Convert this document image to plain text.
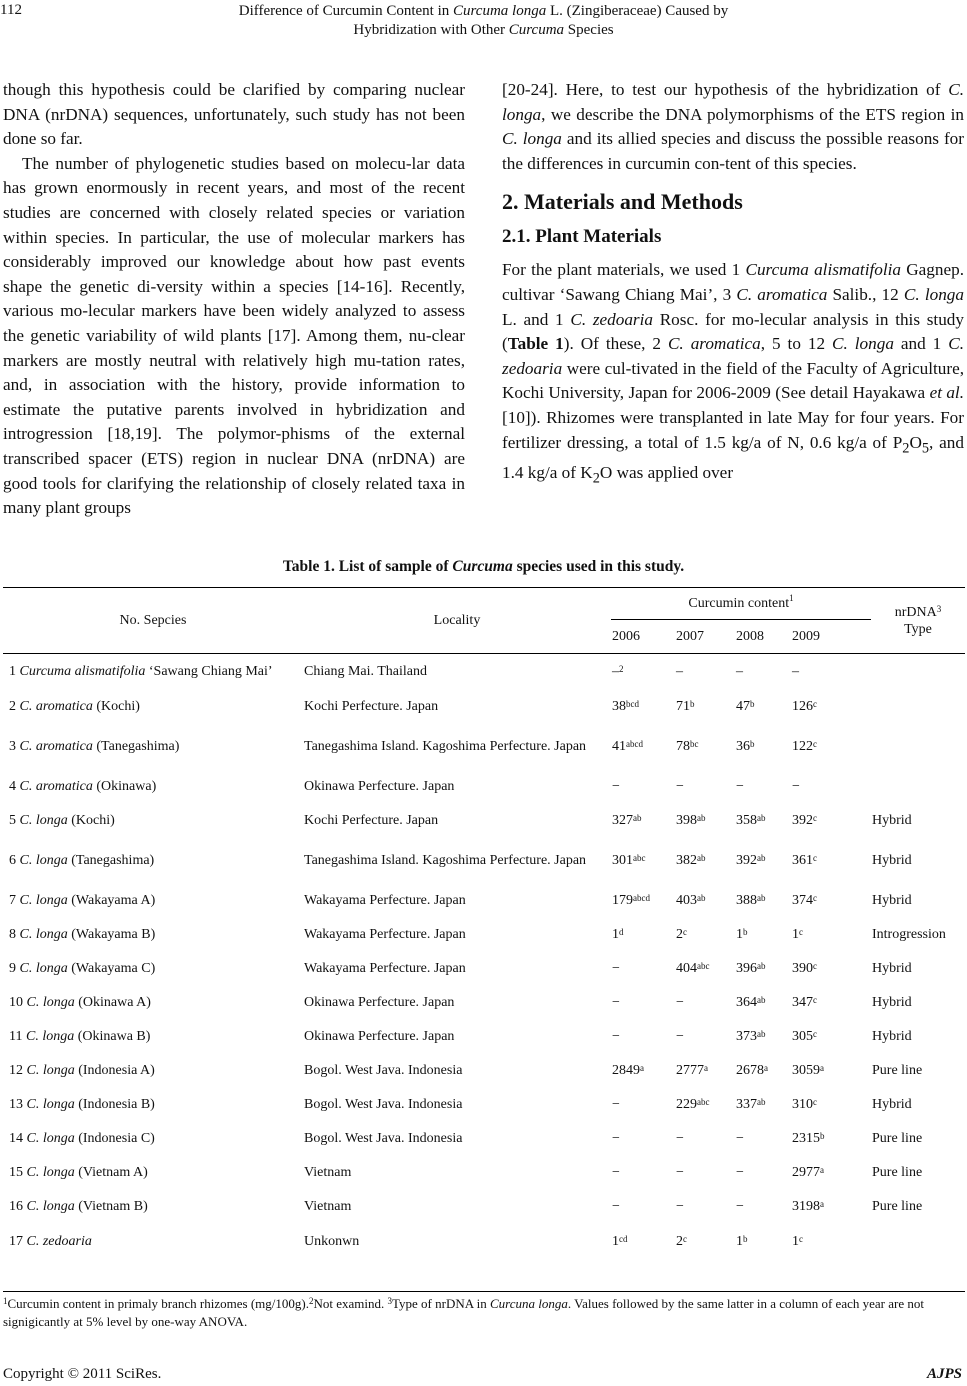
112	Difference of Curcumin Content in Curcuma longa L. (Zingiberaceae) Caused by
Hybridization with Other Curcuma Species

though this hypothesis could be clarified by comparing nuclear DNA (nrDNA) sequences, unfortunately, such study has not been done so far.

The number of phylogenetic studies based on molecu-lar data has grown enormously in recent years, and most of the recent studies are concerned with closely related species or variation within species. In particular, the use of molecular markers has considerably improved our knowledge about how past events shape the genetic di-versity within a species [14-16]. Recently, various mo-lecular markers have been widely analyzed to assess the genetic variability of wild plants [17]. Among them, nu-clear markers are mostly neutral with relatively high mu-tation rates, and, in association with the history, provide information to estimate the putative parents involved in hybridization and introgression [18,19]. The polymor-phisms of the external transcribed spacer (ETS) region in nuclear DNA (nrDNA) are good tools for clarifying the relationship of closely related taxa in many plant groups

[20-24]. Here, to test our hypothesis of the hybridization of C. longa, we describe the DNA polymorphisms of the ETS region in C. longa and its allied species and discuss the possible reasons for the differences in curcumin con-tent of this species.

2. Materials and Methods
2.1. Plant Materials

For the plant materials, we used 1 Curcuma alismatifolia Gagnep. cultivar ‘Sawang Chiang Mai’, 3 C. aromatica Salib., 12 C. longa L. and 1 C. zedoaria Rosc. for mo-lecular analysis in this study (Table 1). Of these, 2 C. aromatica, 5 to 12 C. longa and 1 C. zedoaria were cul-tivated in the field of the Faculty of Agriculture, Kochi University, Japan for 2006-2009 (See detail Hayakawa et al. [10]). Rhizomes were transplanted in late May for four years. For fertilizer dressing, a total of 1.5 kg/a of N, 0.6 kg/a of $P_2O_5$, and 1.4 kg/a of $K_2O$ was applied over

Table 1. List of sample of Curcuma species used in this study.
No. Sepcies	Locality	Curcumin content$^1$				nrDNA$^3$
Type
		2006	2007	2008	2009	
1 Curcuma alismatifolia ‘Sawang Chiang Mai’	Chiang Mai. Thailand	–$^2$	–	–	–	
2 C. aromatica (Kochi)	Kochi Perfecture. Japan	$38^{bcd}$	71$^b$	47$^b$	126$^c$	
3 C. aromatica (Tanegashima)	Tanegashima Island. Kagoshima Perfecture. Japan	$41^{abcd}$	$78^{bc}$	36$^b$	122$^c$	
4 C. aromatica (Okinawa)	Okinawa Perfecture. Japan	−	−	−	−	
5 C. longa (Kochi)	Kochi Perfecture. Japan	$327^{ab}$	$398^{ab}$	$358^{ab}$	392$^c$	Hybrid
6 C. longa (Tanegashima)	Tanegashima Island. Kagoshima Perfecture. Japan	$301^{abc}$	$382^{ab}$	$392^{ab}$	361$^c$	Hybrid
7 C. longa (Wakayama A)	Wakayama Perfecture. Japan	$179^{abcd}$	$403^{ab}$	$388^{ab}$	374$^c$	Hybrid
8 C. longa (Wakayama B)	Wakayama Perfecture. Japan	1$^d$	2$^c$	1$^b$	1$^c$	Introgression
9 C. longa (Wakayama C)	Wakayama Perfecture. Japan	−	$404^{abc}$	$396^{ab}$	390$^c$	Hybrid
10 C. longa (Okinawa A)	Okinawa Perfecture. Japan	−	−	$364^{ab}$	347$^c$	Hybrid
11 C. longa (Okinawa B)	Okinawa Perfecture. Japan	−	−	$373^{ab}$	305$^c$	Hybrid
12 C. longa (Indonesia A)	Bogol. West Java. Indonesia	2849$^a$	2777$^a$	2678$^a$	3059$^a$	Pure line
13 C. longa (Indonesia B)	Bogol. West Java. Indonesia	−	$229^{abc}$	$337^{ab}$	310$^c$	Hybrid
14 C. longa (Indonesia C)	Bogol. West Java. Indonesia	−	−	−	$2315^b$	Pure line
15 C. longa (Vietnam A)	Vietnam	−	−	−	$2977^a$	Pure line
16 C. longa (Vietnam B)	Vietnam	−	−	−	$3198^a$	Pure line
17 C. zedoaria	Unkonwn	$1^{cd}$	2$^c$	1$^b$	1$^c$	
$^1$Curcumin content in primaly branch rhizomes (mg/100g).$^2$Not examind. $^3$Type of nrDNA in Curcuna longa. Values followed by the same latter in a column of each year are not signigicantly at 5% level by one-way ANOVA.
Copyright © 2011 SciRes.	AJPS
